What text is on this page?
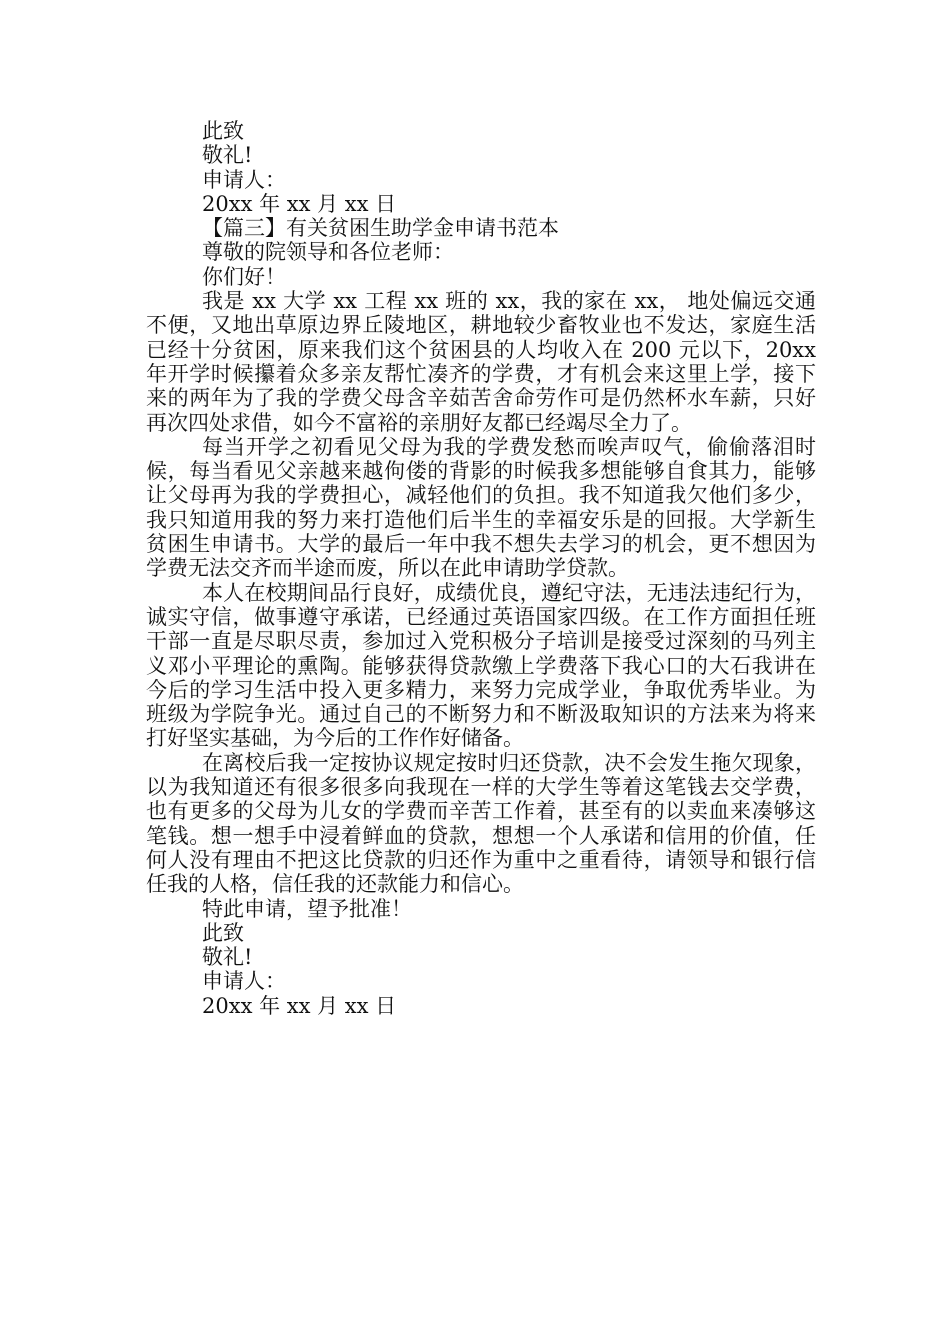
此致

敬礼!

申请人：

20xx 年 xx 月 xx 日

【篇三】有关贫困生助学金申请书范本

尊敬的院领导和各位老师：

你们好！

我是 xx 大学 xx 工程 xx 班的 xx，我的家在 xx， 地处偏远交通不便，又地出草原边界丘陵地区，耕地较少畜牧业也不发达，家庭生活已经十分贫困，原来我们这个贫困县的人均收入在 200 元以下，20xx 年开学时候攥着众多亲友帮忙凑齐的学费，才有机会来这里上学，接下来的两年为了我的学费父母含辛茹苦舍命劳作可是仍然杯水车薪，只好再次四处求借，如今不富裕的亲朋好友都已经竭尽全力了。

每当开学之初看见父母为我的学费发愁而唉声叹气，偷偷落泪时候，每当看见父亲越来越佝偻的背影的时候我多想能够自食其力，能够让父母再为我的学费担心，减轻他们的负担。我不知道我欠他们多少，我只知道用我的努力来打造他们后半生的幸福安乐是的回报。大学新生贫困生申请书。大学的最后一年中我不想失去学习的机会，更不想因为学费无法交齐而半途而废，所以在此申请助学贷款。

本人在校期间品行良好，成绩优良，遵纪守法，无违法违纪行为，诚实守信，做事遵守承诺，已经通过英语国家四级。在工作方面担任班干部一直是尽职尽责，参加过入党积极分子培训是接受过深刻的马列主义邓小平理论的熏陶。能够获得贷款缴上学费落下我心口的大石我讲在今后的学习生活中投入更多精力，来努力完成学业，争取优秀毕业。为班级为学院争光。通过自己的不断努力和不断汲取知识的方法来为将来打好坚实基础，为今后的工作作好储备。

在离校后我一定按协议规定按时归还贷款，决不会发生拖欠现象，以为我知道还有很多很多向我现在一样的大学生等着这笔钱去交学费，也有更多的父母为儿女的学费而辛苦工作着，甚至有的以卖血来凑够这笔钱。想一想手中浸着鲜血的贷款，想想一个人承诺和信用的价值，任何人没有理由不把这比贷款的归还作为重中之重看待，请领导和银行信任我的人格，信任我的还款能力和信心。

特此申请，望予批准！

此致

敬礼!

申请人：

20xx 年 xx 月 xx 日
